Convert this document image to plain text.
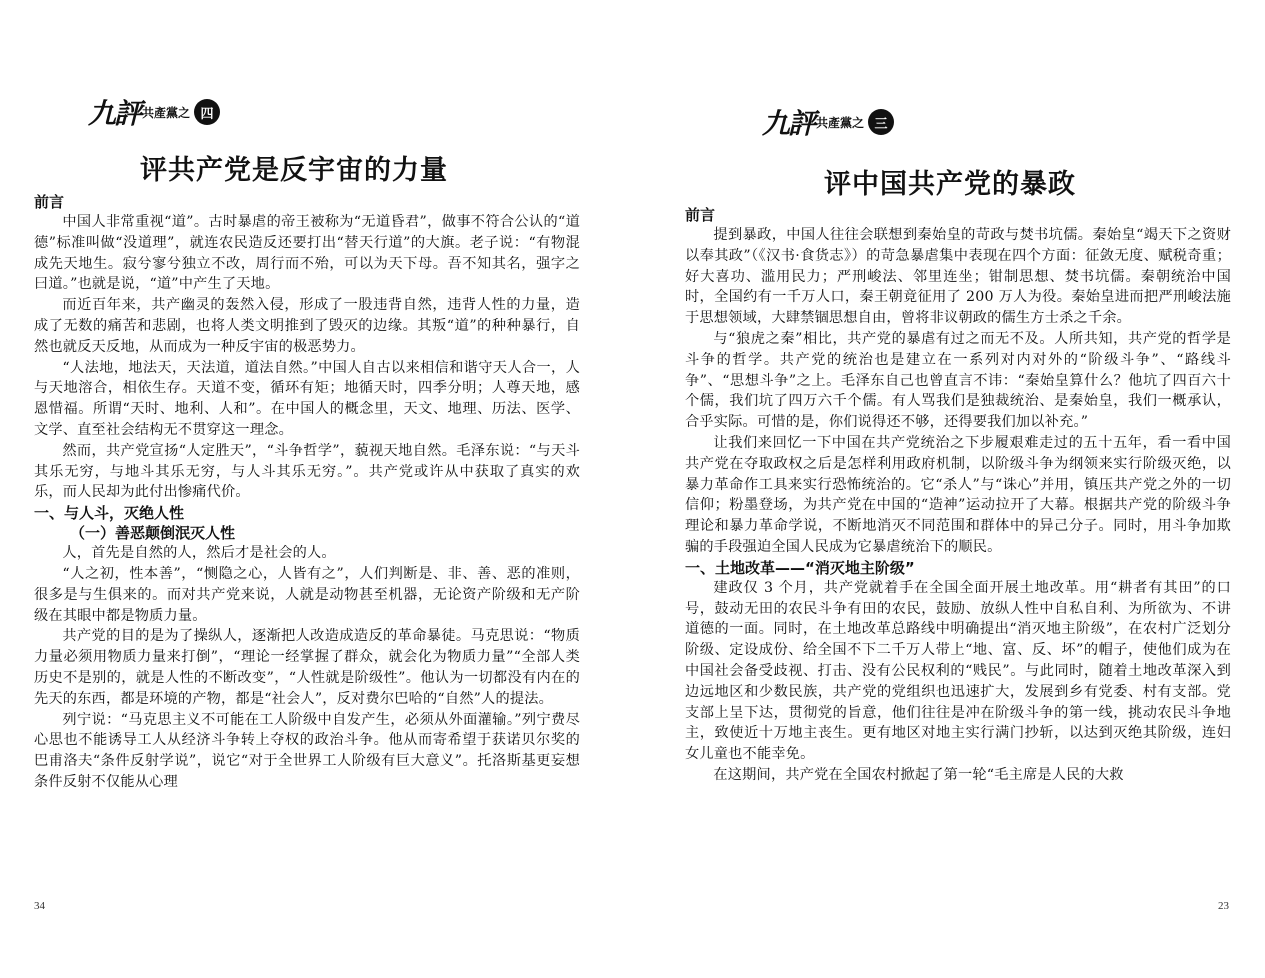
九評 共產黨之 四
评共产党是反宇宙的力量
前言

中国人非常重视“道”。古时暴虐的帝王被称为“无道昏君”，做事不符合公认的“道德”标准叫做“没道理”，就连农民造反还要打出“替天行道”的大旗。老子说：“有物混成先天地生。寂兮寥兮独立不改，周行而不殆，可以为天下母。吾不知其名，强字之曰道。”也就是说，“道”中产生了天地。

而近百年来，共产幽灵的轰然入侵，形成了一股违背自然，违背人性的力量，造成了无数的痛苦和悲剧，也将人类文明推到了毁灭的边缘。其叛“道”的种种暴行，自然也就反天反地，从而成为一种反宇宙的极恶势力。

“人法地，地法天，天法道，道法自然。”中国人自古以来相信和谐守天人合一，人与天地溶合，相依生存。天道不变，循环有矩；地循天时，四季分明；人尊天地，感恩惜福。所谓“天时、地利、人和”。在中国人的概念里，天文、地理、历法、医学、文学、直至社会结构无不贯穿这一理念。

然而，共产党宣扬“人定胜天”，“斗争哲学”，藐视天地自然。毛泽东说：“与天斗其乐无穷，与地斗其乐无穷，与人斗其乐无穷。”。共产党或许从中获取了真实的欢乐，而人民却为此付出惨痛代价。

一、与人斗，灭绝人性
（一）善恶颠倒泯灭人性

人，首先是自然的人，然后才是社会的人。

“人之初，性本善”，“恻隐之心，人皆有之”，人们判断是、非、善、恶的准则，很多是与生俱来的。而对共产党来说，人就是动物甚至机器，无论资产阶级和无产阶级在其眼中都是物质力量。

共产党的目的是为了操纵人，逐渐把人改造成造反的革命暴徒。马克思说：“物质力量必须用物质力量来打倒”，“理论一经掌握了群众，就会化为物质力量”“全部人类历史不是别的，就是人性的不断改变”，“人性就是阶级性”。他认为一切都没有内在的先天的东西，都是环境的产物，都是“社会人”，反对费尔巴哈的“自然”人的提法。

列宁说：“马克思主义不可能在工人阶级中自发产生，必须从外面灌输。”列宁费尽心思也不能诱导工人从经济斗争转上夺权的政治斗争。他从而寄希望于获诺贝尔奖的巴甫洛夫“条件反射学说”，说它“对于全世界工人阶级有巨大意义”。托洛斯基更妄想条件反射不仅能从心理

34
九評 共產黨之 三
评中国共产党的暴政
前言

提到暴政，中国人往往会联想到秦始皇的苛政与焚书坑儒。秦始皇“竭天下之资财以奉其政”（《汉书·食货志》）的苛急暴虐集中表现在四个方面：征敛无度、赋税奇重；好大喜功、滥用民力；严刑峻法、邻里连坐；钳制思想、焚书坑儒。秦朝统治中国时，全国约有一千万人口，秦王朝竟征用了 200 万人为役。秦始皇进而把严刑峻法施于思想领域，大肆禁锢思想自由，曾将非议朝政的儒生方士杀之千余。

与“狼虎之秦”相比，共产党的暴虐有过之而无不及。人所共知，共产党的哲学是斗争的哲学。共产党的统治也是建立在一系列对内对外的“阶级斗争”、“路线斗争”、“思想斗争”之上。毛泽东自己也曾直言不讳：“秦始皇算什么？他坑了四百六十个儒，我们坑了四万六千个儒。有人骂我们是独裁统治、是秦始皇，我们一概承认，合乎实际。可惜的是，你们说得还不够，还得要我们加以补充。”

让我们来回忆一下中国在共产党统治之下步履艰难走过的五十五年，看一看中国共产党在夺取政权之后是怎样利用政府机制，以阶级斗争为纲领来实行阶级灭绝，以暴力革命作工具来实行恐怖统治的。它“杀人”与“诛心”并用，镇压共产党之外的一切信仰；粉墨登场，为共产党在中国的“造神”运动拉开了大幕。根据共产党的阶级斗争理论和暴力革命学说，不断地消灭不同范围和群体中的异己分子。同时，用斗争加欺骗的手段强迫全国人民成为它暴虐统治下的顺民。

一、土地改革——“消灭地主阶级”

建政仅 3 个月，共产党就着手在全国全面开展土地改革。用“耕者有其田”的口号，鼓动无田的农民斗争有田的农民，鼓励、放纵人性中自私自利、为所欲为、不讲道德的一面。同时，在土地改革总路线中明确提出“消灭地主阶级”，在农村广泛划分阶级、定设成份、给全国不下二千万人带上“地、富、反、坏”的帽子，使他们成为在中国社会备受歧视、打击、没有公民权利的“贱民”。与此同时，随着土地改革深入到边远地区和少数民族，共产党的党组织也迅速扩大，发展到乡有党委、村有支部。党支部上呈下达，贯彻党的旨意，他们往往是冲在阶级斗争的第一线，挑动农民斗争地主，致使近十万地主丧生。更有地区对地主实行满门抄斩，以达到灭绝其阶级，连妇女儿童也不能幸免。

在这期间，共产党在全国农村掀起了第一轮“毛主席是人民的大救

23
